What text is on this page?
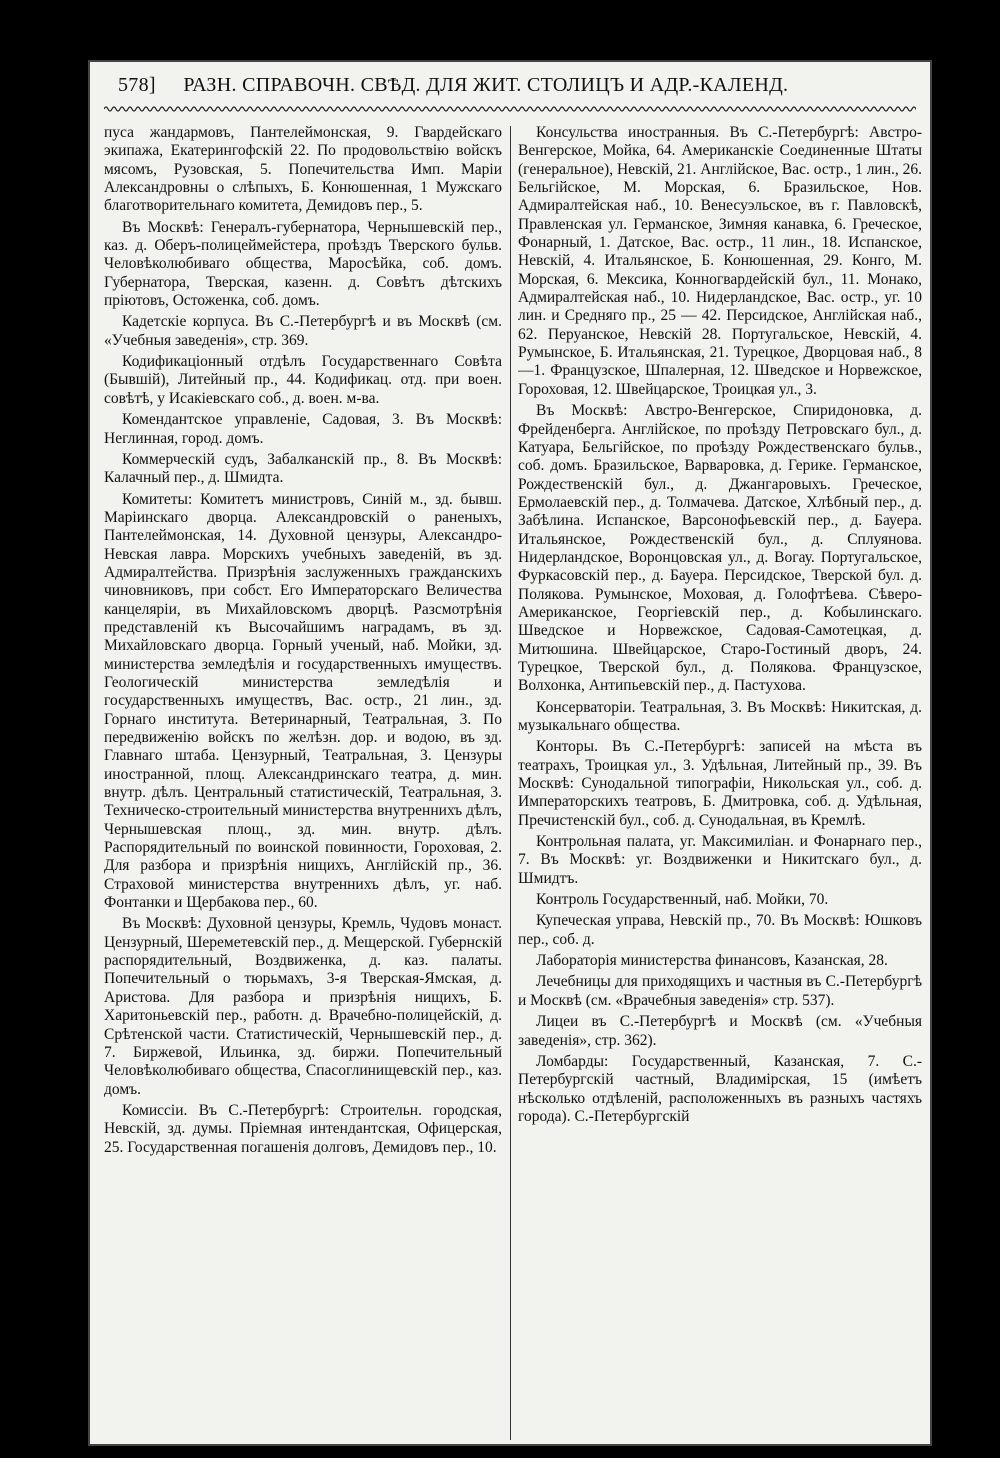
578] РАЗН. СПРАВОЧН. СВѢД. ДЛЯ ЖИТ. СТОЛИЦЪ И АДР.-КАЛЕНД.

пуса жандармовъ, Пантелеймонская, 9. Гвардейскаго экипажа, Екатерингофскій 22. По продовольствію войскъ мясомъ, Рузовская, 5. Попечительства Имп. Маріи Александровны о слѣпыхъ, Б. Конюшенная, 1 Мужскаго благотворительнаго комитета, Демидовъ пер., 5.

Въ Москвѣ: Генералъ-губернатора, Чернышевскій пер., каз. д. Оберъ-полицеймейстера, проѣздъ Тверского бульв. Человѣколюбиваго общества, Маросѣйка, соб. домъ. Губернатора, Тверская, казенн. д. Совѣтъ дѣтскихъ пріютовъ, Остоженка, соб. домъ.

Кадетскіе корпуса. Въ С.-Петербургѣ и въ Москвѣ (см. «Учебныя заведенія», стр. 369.

Кодификаціонный отдѣлъ Государственнаго Совѣта (Бывшій), Литейный пр., 44. Кодификац. отд. при воен. совѣтѣ, у Исакіевскаго соб., д. воен. м-ва.

Комендантское управленіе, Садовая, 3. Въ Москвѣ: Неглинная, город. домъ.

Коммерческій судъ, Забалканскій пр., 8. Въ Москвѣ: Калачный пер., д. Шмидта.

Комитеты: Комитетъ министровъ, Синій м., зд. бывш. Маріинскаго дворца. Александровскій о раненыхъ, Пантелеймонская, 14. Духовной цензуры, Александро-Невская лавра. Морскихъ учебныхъ заведеній, въ зд. Адмиралтейства. Призрѣнія заслуженныхъ гражданскихъ чиновниковъ, при собст. Его Императорскаго Величества канцеляріи, въ Михайловскомъ дворцѣ. Разсмотрѣнія представленій къ Высочайшимъ наградамъ, въ зд. Михайловскаго дворца. Горный ученый, наб. Мойки, зд. министерства земледѣлія и государственныхъ имуществъ. Геологическій министерства земледѣлія и государственныхъ имуществъ, Вас. остр., 21 лин., зд. Горнаго института. Ветеринарный, Театральная, 3. По передвиженію войскъ по желѣзн. дор. и водою, въ зд. Главнаго штаба. Цензурный, Театральная, 3. Цензуры иностранной, площ. Александринскаго театра, д. мин. внутр. дѣлъ. Центральный статистическій, Театральная, 3. Техническо-строительный министерства внутреннихъ дѣлъ, Чернышевская площ., зд. мин. внутр. дѣлъ. Распорядительный по воинской повинности, Гороховая, 2. Для разбора и призрѣнія нищихъ, Англійскій пр., 36. Страховой министерства внутреннихъ дѣлъ, уг. наб. Фонтанки и Щербакова пер., 60.

Въ Москвѣ: Духовной цензуры, Кремль, Чудовъ монаст. Цензурный, Шереметевскій пер., д. Мещерской. Губернскій распорядительный, Воздвиженка, д. каз. палаты. Попечительный о тюрьмахъ, 3-я Тверская-Ямская, д. Аристова. Для разбора и призрѣнія нищихъ, Б. Харитоньевскій пер., работн. д. Врачебно-полицейскій, д. Срѣтенской части. Статистическій, Чернышевскій пер., д. 7. Биржевой, Ильинка, зд. биржи. Попечительный Человѣколюбиваго общества, Спасоглинищевскій пер., каз. домъ.

Комиссіи. Въ С.-Петербургѣ: Строительн. городская, Невскій, зд. думы. Пріемная интендантская, Офицерская, 25. Государственная погашенія долговъ, Демидовъ пер., 10.

Консульства иностранныя. Въ С.-Петербургѣ: Австро-Венгерское, Мойка, 64. Американскіе Соединенные Штаты (генеральное), Невскій, 21. Англійское, Вас. остр., 1 лин., 26. Бельгійское, М. Морская, 6. Бразильское, Нов. Адмиралтейская наб., 10. Венесуэльское, въ г. Павловскѣ, Правленская ул. Германское, Зимняя канавка, 6. Греческое, Фонарный, 1. Датское, Вас. остр., 11 лин., 18. Испанское, Невскій, 4. Итальянское, Б. Конюшенная, 29. Конго, М. Морская, 6. Мексика, Конногвардейскій бул., 11. Монако, Адмиралтейская наб., 10. Нидерландское, Вас. остр., уг. 10 лин. и Средняго пр., 25 — 42. Персидское, Англійская наб., 62. Перуанское, Невскій 28. Португальское, Невскій, 4. Румынское, Б. Итальянская, 21. Турецкое, Дворцовая наб., 8—1. Французское, Шпалерная, 12. Шведское и Норвежское, Гороховая, 12. Швейцарское, Троицкая ул., 3.

Въ Москвѣ: Австро-Венгерское, Спиридоновка, д. Фрейденберга. Англійское, по проѣзду Петровскаго бул., д. Катуара, Бельгійское, по проѣзду Рождественскаго бульв., соб. домъ. Бразильское, Варваровка, д. Герике. Германское, Рождественскій бул., д. Джангаровыхъ. Греческое, Ермолаевскій пер., д. Толмачева. Датское, Хлѣбный пер., д. Забѣлина. Испанское, Варсонофьевскій пер., д. Бауера. Итальянское, Рождественскій бул., д. Сплуянова. Нидерландское, Воронцовская ул., д. Вогау. Португальское, Фуркасовскій пер., д. Бауера. Персидское, Тверской бул. д. Полякова. Румынское, Моховая, д. Голофтѣева. Сѣверо-Американское, Георгіевскій пер., д. Кобылинскаго. Шведское и Норвежское, Садовая-Самотецкая, д. Митюшина. Швейцарское, Старо-Гостиный дворъ, 24. Турецкое, Тверской бул., д. Полякова. Французское, Волхонка, Антипьевскій пер., д. Пастухова.

Консерваторіи. Театральная, 3. Въ Москвѣ: Никитская, д. музыкальнаго общества.

Конторы. Въ С.-Петербургѣ: записей на мѣста въ театрахъ, Троицкая ул., 3. Удѣльная, Литейный пр., 39. Въ Москвѣ: Сунодальной типографіи, Никольская ул., соб. д. Императорскихъ театровъ, Б. Дмитровка, соб. д. Удѣльная, Пречистенскій бул., соб. д. Сунодальная, въ Кремлѣ.

Контрольная палата, уг. Максимиліан. и Фонарнаго пер., 7. Въ Москвѣ: уг. Воздвиженки и Никитскаго бул., д. Шмидтъ.

Контроль Государственный, наб. Мойки, 70.

Купеческая управа, Невскій пр., 70. Въ Москвѣ: Юшковъ пер., соб. д.

Лабораторія министерства финансовъ, Казанская, 28.

Лечебницы для приходящихъ и частныя въ С.-Петербургѣ и Москвѣ (см. «Врачебныя заведенія» стр. 537).

Лицеи въ С.-Петербургѣ и Москвѣ (см. «Учебныя заведенія», стр. 362).

Ломбарды: Государственный, Казанская, 7. С.-Петербургскій частный, Владимірская, 15 (имѣетъ нѣсколько отдѣленій, расположенныхъ въ разныхъ частяхъ города). С.-Петербургскій
